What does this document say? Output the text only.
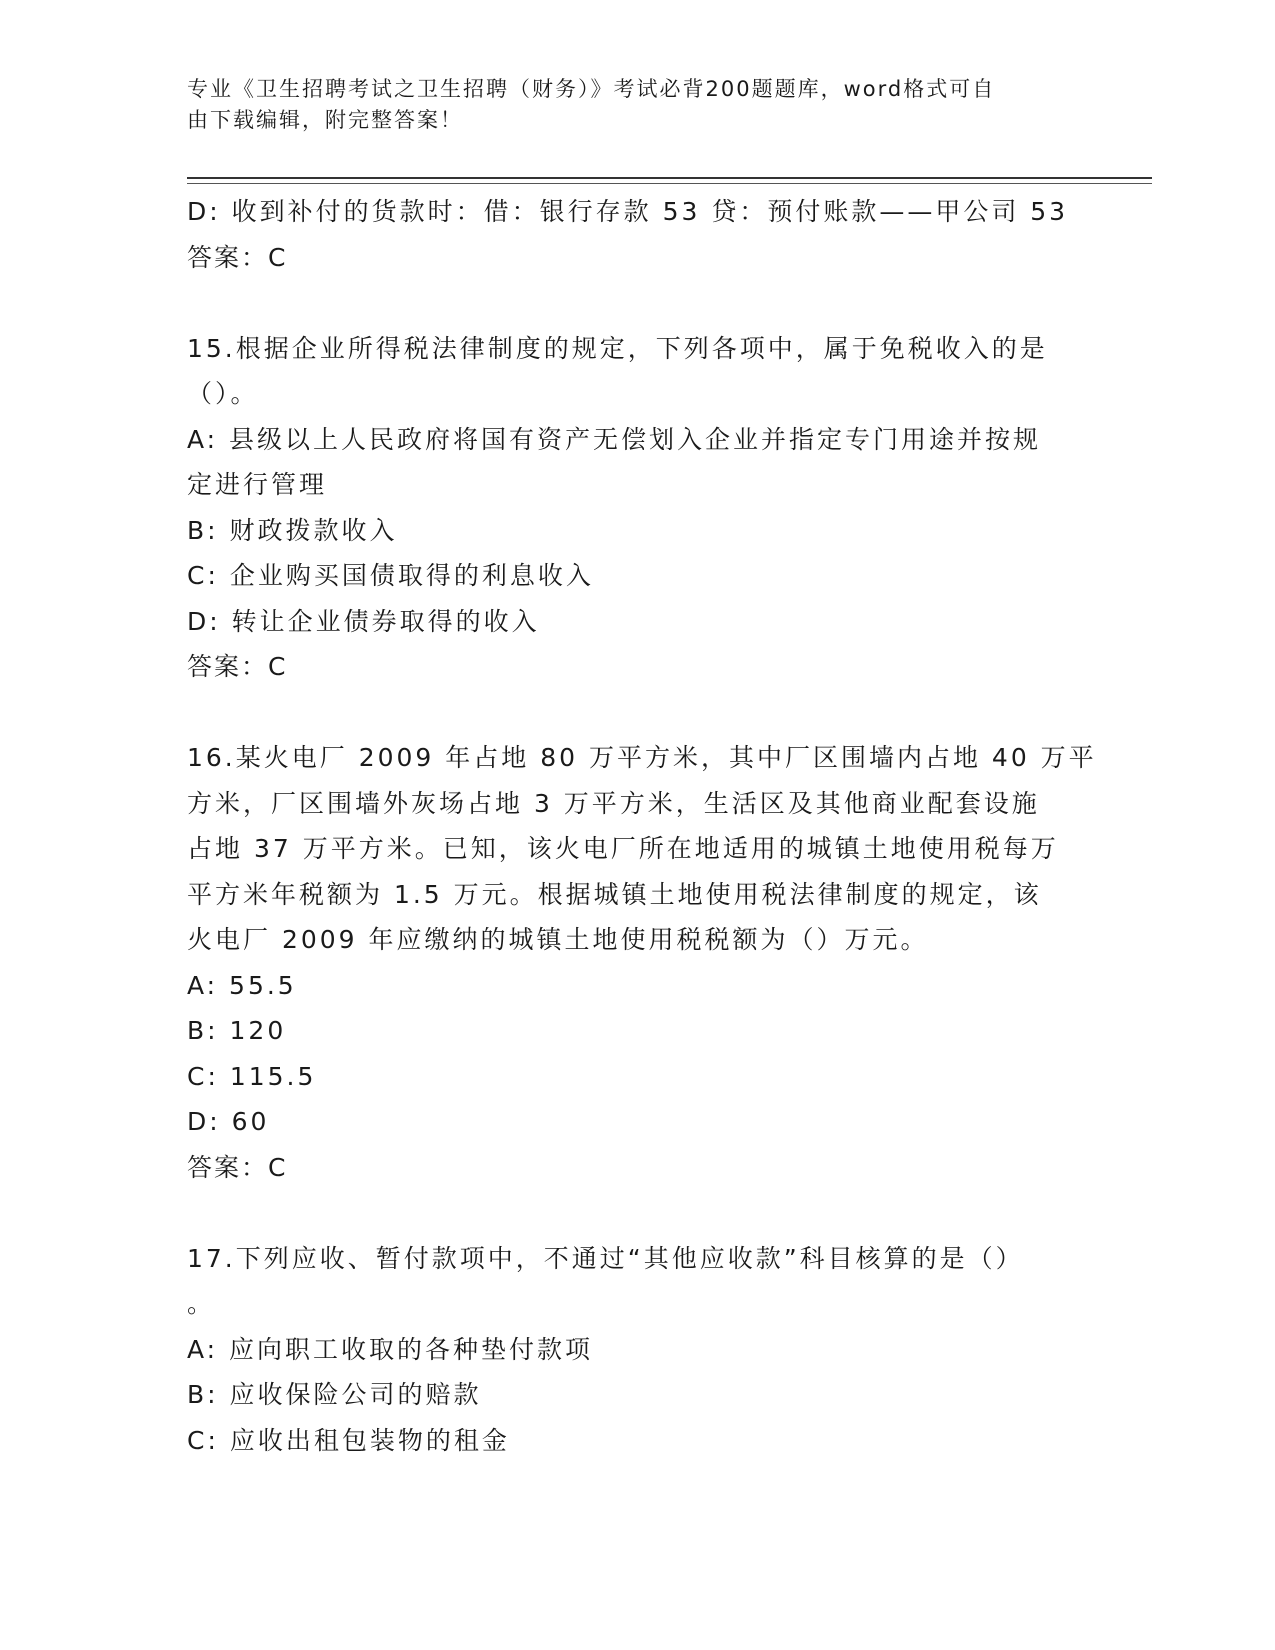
专业《卫生招聘考试之卫生招聘（财务）》考试必背200题题库，word格式可自
由下载编辑，附完整答案！

D: 收到补付的货款时：借：银行存款 53 贷：预付账款——甲公司 53

答案：C

15.根据企业所得税法律制度的规定，下列各项中，属于免税收入的是

（）。

A: 县级以上人民政府将国有资产无偿划入企业并指定专门用途并按规

定进行管理

B: 财政拨款收入

C: 企业购买国债取得的利息收入

D: 转让企业债券取得的收入

答案：C

16.某火电厂 2009 年占地 80 万平方米，其中厂区围墙内占地 40 万平

方米，厂区围墙外灰场占地 3 万平方米，生活区及其他商业配套设施

占地 37 万平方米。已知，该火电厂所在地适用的城镇土地使用税每万

平方米年税额为 1.5 万元。根据城镇土地使用税法律制度的规定，该

火电厂 2009 年应缴纳的城镇土地使用税税额为（）万元。

A: 55.5

B: 120

C: 115.5

D: 60

答案：C

17.下列应收、暂付款项中，不通过“其他应收款”科目核算的是（）

。

A: 应向职工收取的各种垫付款项

B: 应收保险公司的赔款

C: 应收出租包装物的租金
